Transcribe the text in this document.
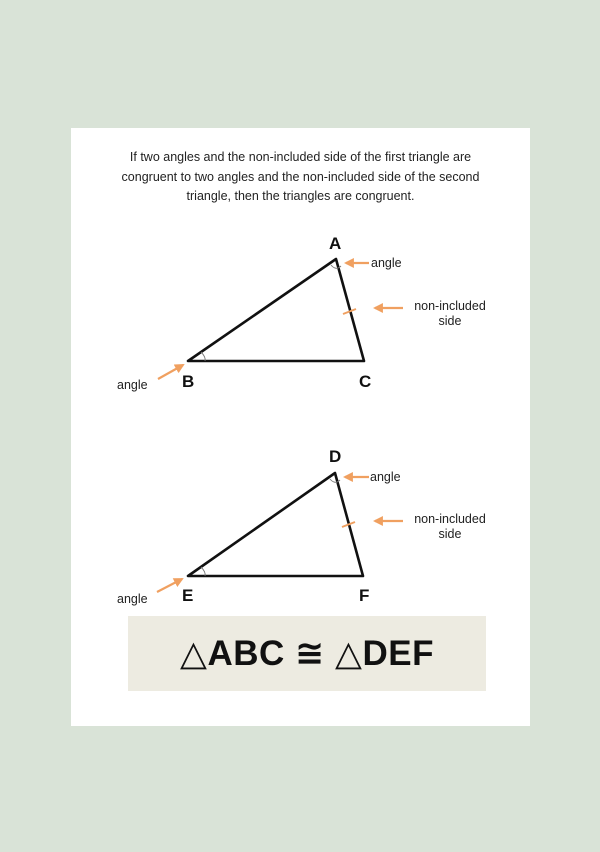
If two angles and the non-included side of the first triangle are
congruent to two angles and the non-included side of the second
triangle, then the triangles are congruent.
A
B	C
angle
angle
non-included
side
D
E	F
angle
angle
non-included
side
△ABC ≅ △DEF
